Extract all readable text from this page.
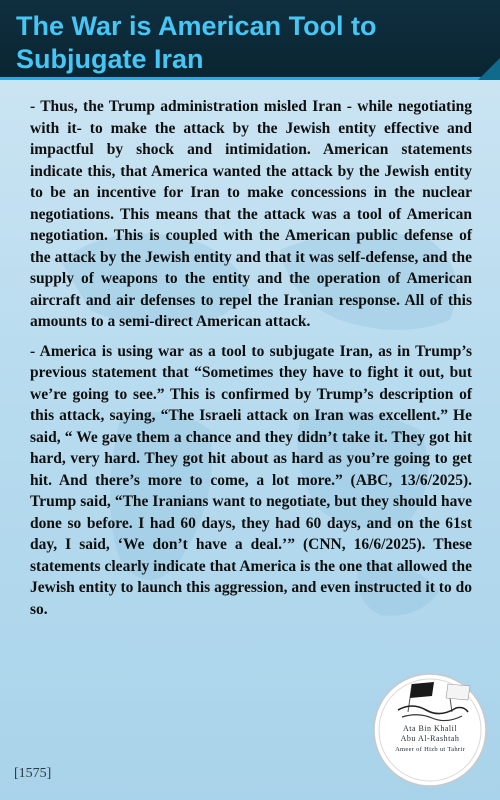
The War is American Tool to Subjugate Iran

- Thus, the Trump administration misled Iran - while negotiating with it- to make the attack by the Jewish entity effective and impactful by shock and intimidation. American statements indicate this, that America wanted the attack by the Jewish entity to be an incentive for Iran to make concessions in the nuclear negotiations. This means that the attack was a tool of American negotiation. This is coupled with the American public defense of the attack by the Jewish entity and that it was self-defense, and the supply of weapons to the entity and the operation of American aircraft and air defenses to repel the Iranian response. All of this amounts to a semi-direct American attack.

- America is using war as a tool to subjugate Iran, as in Trump’s previous statement that “Sometimes they have to fight it out, but we’re going to see.” This is confirmed by Trump’s description of this attack, saying, “The Israeli attack on Iran was excellent.” He said, “ We gave them a chance and they didn’t take it. They got hit hard, very hard. They got hit about as hard as you’re going to get hit. And there’s more to come, a lot more.” (ABC, 13/6/2025). Trump said, “The Iranians want to negotiate, but they should have done so before. I had 60 days, they had 60 days, and on the 61st day, I said, ‘We don’t have a deal.’” (CNN, 16/6/2025). These statements clearly indicate that America is the one that allowed the Jewish entity to launch this aggression, and even instructed it to do so.

[1575]
Ata Bin Khalil
Abu Al-Rashtah
Ameer of Hizb ut Tahrir
